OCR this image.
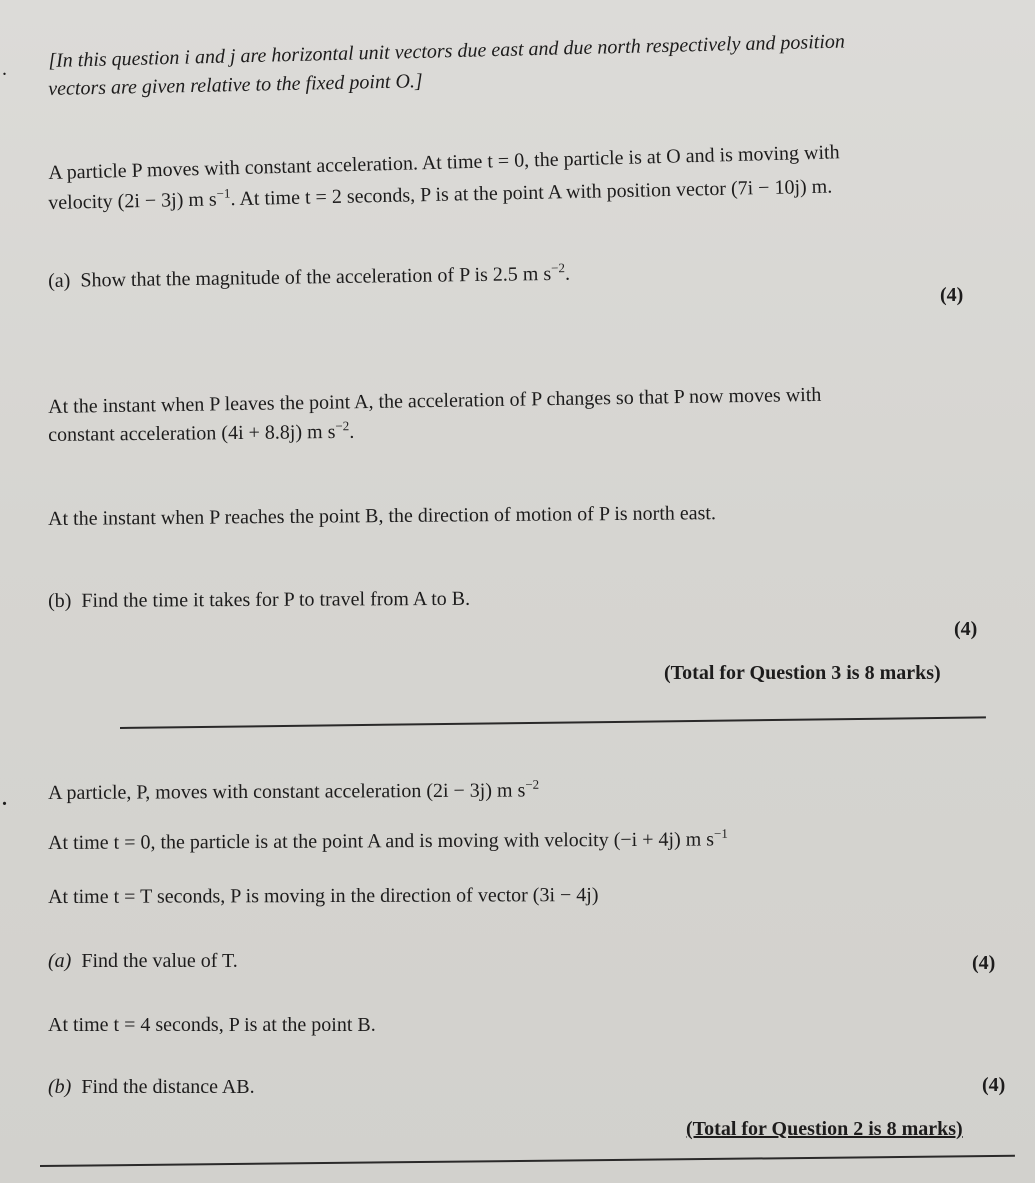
. [In this question i and j are horizontal unit vectors due east and due north respectively and position
vectors are given relative to the fixed point O.]
A particle P moves with constant acceleration. At time t = 0, the particle is at O and is moving with
velocity (2i − 3j) m $s^{-1}$. At time t = 2 seconds, P is at the point A with position vector (7i − 10j) m.
(a) Show that the magnitude of the acceleration of P is 2.5 m $s^{-2}$.
(4)
At the instant when P leaves the point A, the acceleration of P changes so that P now moves with
constant acceleration (4i + 8.8j) m $s^{-2}$.
At the instant when P reaches the point B, the direction of motion of P is north east.
(b) Find the time it takes for P to travel from A to B.
(4)
(Total for Question 3 is 8 marks)
. A particle, P, moves with constant acceleration (2i − 3j) m $s^{-2}$
At time t = 0, the particle is at the point A and is moving with velocity (−i + 4j) m $s^{-1}$
At time t = T seconds, P is moving in the direction of vector (3i − 4j)
(a) Find the value of T.	(4)
At time t = 4 seconds, P is at the point B.
(b) Find the distance AB.	(4)
(Total for Question 2 is 8 marks)
